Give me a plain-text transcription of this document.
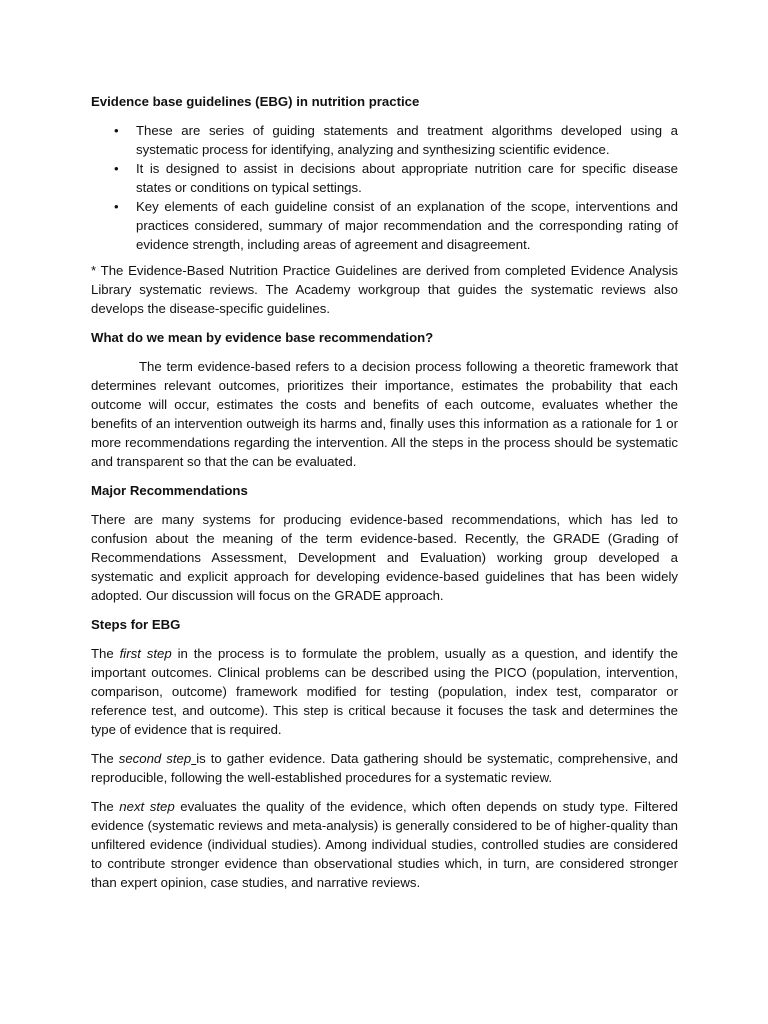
Evidence base guidelines (EBG) in nutrition practice
• These are series of guiding statements and treatment algorithms developed using a systematic process for identifying, analyzing and synthesizing scientific evidence.
• It is designed to assist in decisions about appropriate nutrition care for specific disease states or conditions on typical settings.
• Key elements of each guideline consist of an explanation of the scope, interventions and practices considered, summary of major recommendation and the corresponding rating of evidence strength, including areas of agreement and disagreement.

* The Evidence-Based Nutrition Practice Guidelines are derived from completed Evidence Analysis Library systematic reviews. The Academy workgroup that guides the systematic reviews also develops the disease-specific guidelines.

What do we mean by evidence base recommendation?

The term evidence-based refers to a decision process following a theoretic framework that determines relevant outcomes, prioritizes their importance, estimates the probability that each outcome will occur, estimates the costs and benefits of each outcome, evaluates whether the benefits of an intervention outweigh its harms and, finally uses this information as a rationale for 1 or more recommendations regarding the intervention. All the steps in the process should be systematic and transparent so that the can be evaluated.

Major Recommendations

There are many systems for producing evidence-based recommendations, which has led to confusion about the meaning of the term evidence-based. Recently, the GRADE (Grading of Recommendations Assessment, Development and Evaluation) working group developed a systematic and explicit approach for developing evidence-based guidelines that has been widely adopted. Our discussion will focus on the GRADE approach.

Steps for EBG

The first step in the process is to formulate the problem, usually as a question, and identify the important outcomes. Clinical problems can be described using the PICO (population, intervention, comparison, outcome) framework modified for testing (population, index test, comparator or reference test, and outcome). This step is critical because it focuses the task and determines the type of evidence that is required.

The second step is to gather evidence. Data gathering should be systematic, comprehensive, and reproducible, following the well-established procedures for a systematic review.

The next step evaluates the quality of the evidence, which often depends on study type. Filtered evidence (systematic reviews and meta-analysis) is generally considered to be of higher-quality than unfiltered evidence (individual studies). Among individual studies, controlled studies are considered to contribute stronger evidence than observational studies which, in turn, are considered stronger than expert opinion, case studies, and narrative reviews.
